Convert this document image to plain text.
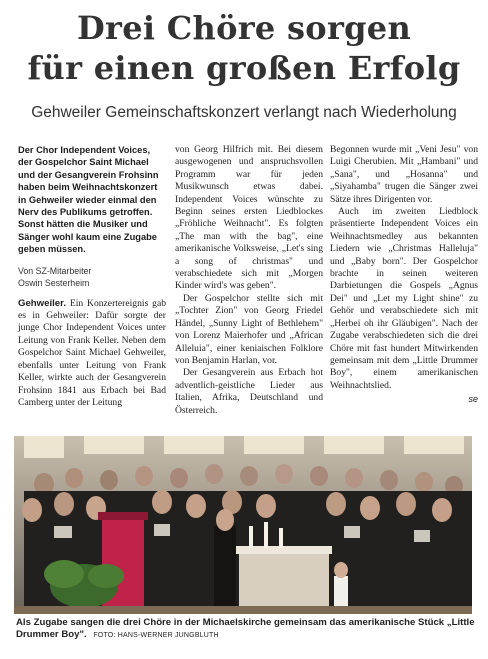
Drei Chöre sorgen
für einen großen Erfolg
Gehweiler Gemeinschaftskonzert verlangt nach Wiederholung

Der Chor Independent Voices, der Gospelchor Saint Michael und der Gesangverein Frohsinn haben beim Weihnachtskonzert in Gehweiler wieder einmal den Nerv des Publikums getroffen. Sonst hätten die Musiker und Sänger wohl kaum eine Zugabe geben müssen.

Von SZ-Mitarbeiter
Oswin Sesterheim

Gehweiler. Ein Konzertereignis gab es in Gehweiler: Dafür sorgte der junge Chor Independent Voices unter Leitung von Frank Keller. Neben dem Gospelchor Saint Michael Gehweiler, ebenfalls unter Leitung von Frank Keller, wirkte auch der Gesangverein Frohsinn 1841 aus Erbach bei Bad Camberg unter der Leitung

von Georg Hilfrich mit. Bei diesem ausgewogenen und anspruchsvollen Programm war für jeden Musikwunsch etwas dabei. Independent Voices wünschte zu Beginn seines ersten Liedblockes „Fröhliche Weihnacht". Es folgten „The man with the bag", eine amerikanische Volksweise, „Let's sing a song of christmas" und verabschiedete sich mit „Morgen Kinder wird's was geben".

Der Gospelchor stellte sich mit „Tochter Zion" von Georg Friedel Händel, „Sunny Light of Bethlehem" von Lorenz Maierhofer und „African Alleluia", einer keniaischen Folklore von Benjamin Harlan, vor.

Der Gesangverein aus Erbach hot adventlich-geistliche Lieder aus Italien, Afrika, Deutschland und Österreich.

Begonnen wurde mit „Veni Jesu" von Luigi Cherubien. Mit „Hambani" und „Sana", und „Hosanna" und „Siyahamba" trugen die Sänger zwei Sätze ihres Dirigenten vor.

Auch im zweiten Liedblock präsentierte Independent Voices ein Weihnachtsmedley aus bekannten Liedern wie „Christmas Halleluja" und „Baby born". Der Gospelchor brachte in seinen weiteren Darbietungen die Gospels „Agnus Dei" und „Let my Light shine" zu Gehör und verabschiedete sich mit „Herbei oh ihr Gläubigen". Nach der Zugabe verabschiedeten sich die drei Chöre mit fast hundert Mitwirkenden gemeinsam mit dem „Little Drummer Boy", einem amerikanischen Weihnachtslied.

se
Als Zugabe sangen die drei Chöre in der Michaelskirche gemeinsam das amerikanische Stück „Little Drummer Boy". FOTO: HANS-WERNER JUNGBLUTH
